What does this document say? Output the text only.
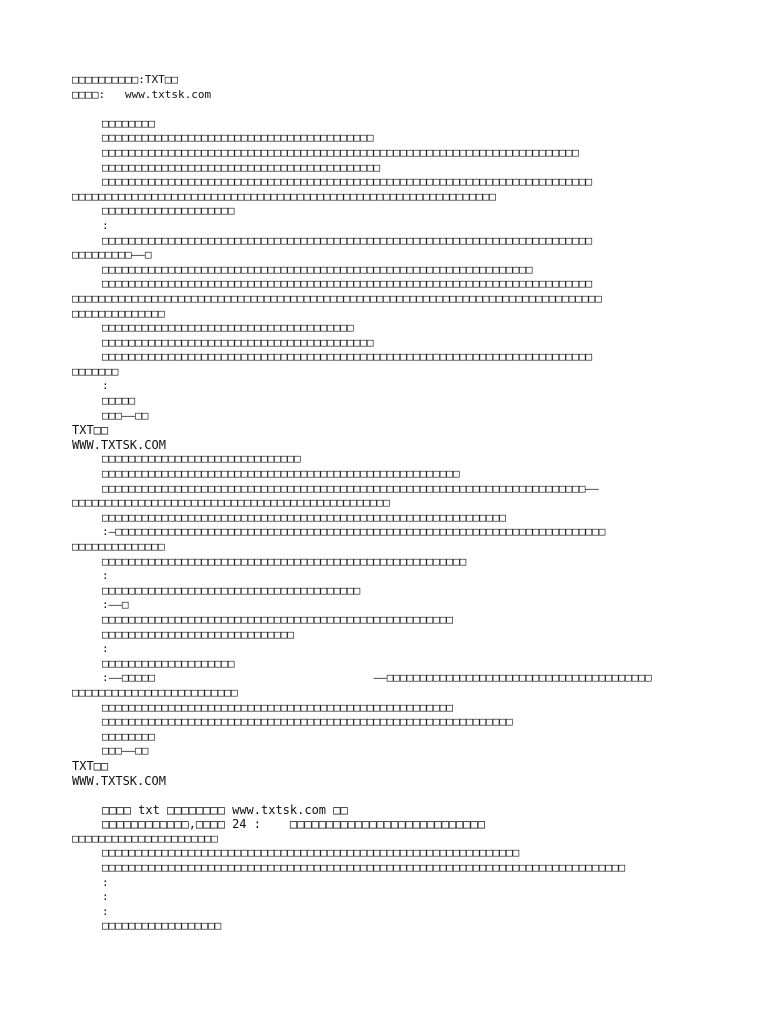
□□□□□□□□□□:TXT□□
□□□□: www.txtsk.com
□□□□□□□□
□□□□□□□□□□□□□□□□□□□□□□□□□□□□□□□□□□□□□□□□□
□□□□□□□□□□□□□□□□□□□□□□□□□□□□□□□□□□□□□□□□□□□□□□□□□□□□□□□□□□□□□□□□□□□□□□□□
□□□□□□□□□□□□□□□□□□□□□□□□□□□□□□□□□□□□□□□□□□
□□□□□□□□□□□□□□□□□□□□□□□□□□□□□□□□□□□□□□□□□□□□□□□□□□□□□□□□□□□□□□□□□□□□□□□□□□
□□□□□□□□□□□□□□□□□□□□□□□□□□□□□□□□□□□□□□□□□□□□□□□□□□□□□□□□□□□□□□□□
□□□□□□□□□□□□□□□□□□□□
:
□□□□□□□□□□□□□□□□□□□□□□□□□□□□□□□□□□□□□□□□□□□□□□□□□□□□□□□□□□□□□□□□□□□□□□□□□□
□□□□□□□□□——□
□□□□□□□□□□□□□□□□□□□□□□□□□□□□□□□□□□□□□□□□□□□□□□□□□□□□□□□□□□□□□□□□□
□□□□□□□□□□□□□□□□□□□□□□□□□□□□□□□□□□□□□□□□□□□□□□□□□□□□□□□□□□□□□□□□□□□□□□□□□□
□□□□□□□□□□□□□□□□□□□□□□□□□□□□□□□□□□□□□□□□□□□□□□□□□□□□□□□□□□□□□□□□□□□□□□□□□□□□□□□□
□□□□□□□□□□□□□□
□□□□□□□□□□□□□□□□□□□□□□□□□□□□□□□□□□□□□□
□□□□□□□□□□□□□□□□□□□□□□□□□□□□□□□□□□□□□□□□□
□□□□□□□□□□□□□□□□□□□□□□□□□□□□□□□□□□□□□□□□□□□□□□□□□□□□□□□□□□□□□□□□□□□□□□□□□□
□□□□□□□
:
□□□□□
□□□——□□
TXT□□
WWW.TXTSK.COM
□□□□□□□□□□□□□□□□□□□□□□□□□□□□□□
□□□□□□□□□□□□□□□□□□□□□□□□□□□□□□□□□□□□□□□□□□□□□□□□□□□□□□
□□□□□□□□□□□□□□□□□□□□□□□□□□□□□□□□□□□□□□□□□□□□□□□□□□□□□□□□□□□□□□□□□□□□□□□□□——
□□□□□□□□□□□□□□□□□□□□□□□□□□□□□□□□□□□□□□□□□□□□□□□□
□□□□□□□□□□□□□□□□□□□□□□□□□□□□□□□□□□□□□□□□□□□□□□□□□□□□□□□□□□□□□
:—□□□□□□□□□□□□□□□□□□□□□□□□□□□□□□□□□□□□□□□□□□□□□□□□□□□□□□□□□□□□□□□□□□□□□□□□□□
□□□□□□□□□□□□□□
□□□□□□□□□□□□□□□□□□□□□□□□□□□□□□□□□□□□□□□□□□□□□□□□□□□□□□□
:
□□□□□□□□□□□□□□□□□□□□□□□□□□□□□□□□□□□□□□□
:——□
□□□□□□□□□□□□□□□□□□□□□□□□□□□□□□□□□□□□□□□□□□□□□□□□□□□□□
□□□□□□□□□□□□□□□□□□□□□□□□□□□□□
:
□□□□□□□□□□□□□□□□□□□□
:——□□□□□                                 ——□□□□□□□□□□□□□□□□□□□□□□□□□□□□□□□□□□□□□□□□
□□□□□□□□□□□□□□□□□□□□□□□□□
□□□□□□□□□□□□□□□□□□□□□□□□□□□□□□□□□□□□□□□□□□□□□□□□□□□□□
□□□□□□□□□□□□□□□□□□□□□□□□□□□□□□□□□□□□□□□□□□□□□□□□□□□□□□□□□□□□□□
□□□□□□□□
□□□——□□
TXT□□
WWW.TXTSK.COM
□□□□ txt □□□□□□□□ www.txtsk.com □□
□□□□□□□□□□□□,□□□□ 24 : □□□□□□□□□□□□□□□□□□□□□□□□□□□
□□□□□□□□□□□□□□□□□□□□□□
□□□□□□□□□□□□□□□□□□□□□□□□□□□□□□□□□□□□□□□□□□□□□□□□□□□□□□□□□□□□□□□
□□□□□□□□□□□□□□□□□□□□□□□□□□□□□□□□□□□□□□□□□□□□□□□□□□□□□□□□□□□□□□□□□□□□□□□□□□□□□□□
:
:
:
□□□□□□□□□□□□□□□□□□
